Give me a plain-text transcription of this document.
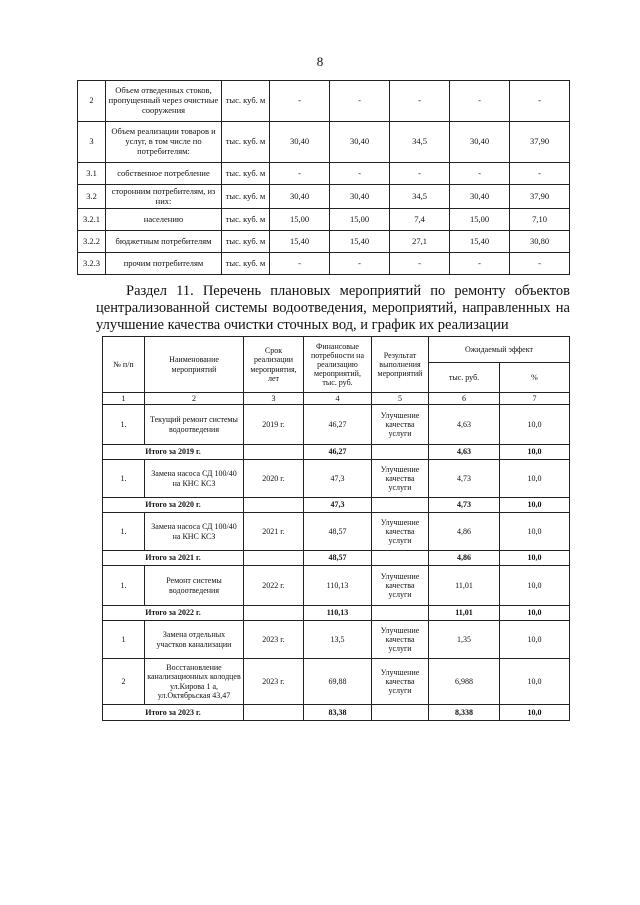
8
2	Объем отведенных стоков, пропущенный через очистные сооружения	тыс. куб. м	-	-	-	-	-
3	Объем реализации товаров и услуг, в том числе по потребителям:	тыс. куб. м	30,40	30,40	34,5	30,40	37,90
3.1	собственное потребление	тыс. куб. м	-	-	-	-	-
3.2	сторонним потребителям, из них:	тыс. куб. м	30,40	30,40	34,5	30,40	37,90
3.2.1	населению	тыс. куб. м	15,00	15,00	7,4	15,00	7,10
3.2.2	бюджетным потребителям	тыс. куб. м	15,40	15,40	27,1	15,40	30,80
3.2.3	прочим потребителям	тыс. куб. м	-	-	-	-	-
Раздел 11. Перечень плановых мероприятий по ремонту объектов централизованной системы водоотведения, мероприятий, направленных на улучшение качества очистки сточных вод, и график их реализации
№ п/п	Наименование мероприятий	Срок реализации мероприятия, лет	Финансовые потребности на реализацию мероприятий, тыс. руб.	Результат выполнения мероприятий	Ожидаемый эффект	
					тыс. руб.	%
1	2	3	4	5	6	7
1.	Текущий ремонт системы водоотведения	2019 г.	46,27	Улучшение качества услуги	4,63	10,0
Итого за 2019 г.			46,27		4,63	10,0
1.	Замена насоса СД 100/40 на КНС КСЗ	2020 г.	47,3	Улучшение качества услуги	4,73	10,0
Итого за 2020 г.			47,3		4,73	10,0
1.	Замена насоса СД 100/40 на КНС КСЗ	2021 г.	48,57	Улучшение качества услуги	4,86	10,0
Итого за 2021 г.			48,57		4,86	10,0
1.	Ремонт системы водоотведения	2022 г.	110,13	Улучшение качества услуги	11,01	10,0
Итого за 2022 г.			110,13		11,01	10,0
1	Замена отдельных участков канализации	2023 г.	13,5	Улучшение качества услуги	1,35	10,0
2	Восстановление канализационных колодцев ул.Кирова 1 а, ул.Октябрьская 43,47	2023 г.	69,88	Улучшение качества услуги	6,988	10,0
Итого за 2023 г.			83,38		8,338	10,0
